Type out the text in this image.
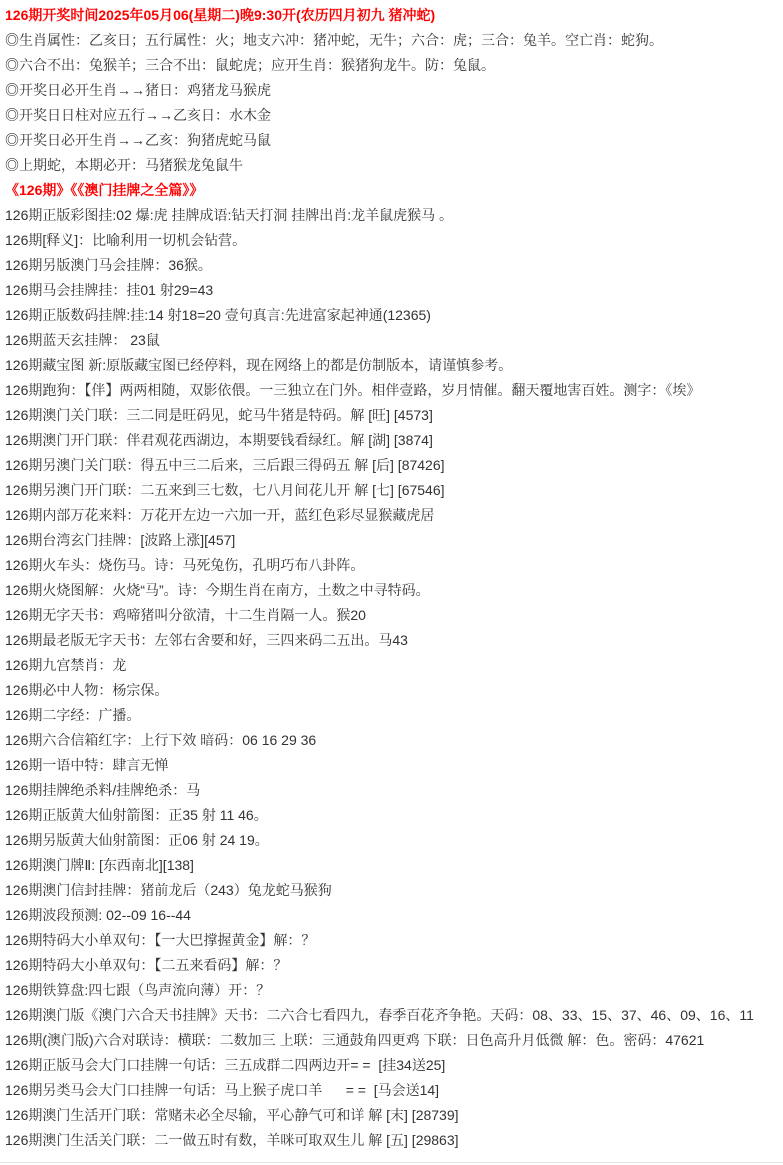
126期开奖时间2025年05月06(星期二)晚9:30开(农历四月初九 猪冲蛇)

◎生肖属性：乙亥日；五行属性：火；地支六冲：猪冲蛇，无牛；六合：虎；三合：兔羊。空亡肖：蛇狗。

◎六合不出：兔猴羊；三合不出：鼠蛇虎；应开生肖：猴猪狗龙牛。防：兔鼠。

◎开奖日必开生肖→→猪日：鸡猪龙马猴虎

◎开奖日日柱对应五行→→乙亥日：水木金

◎开奖日必开生肖→→乙亥：狗猪虎蛇马鼠

◎上期蛇，本期必开：马猪猴龙兔鼠牛

《126期》《《澳门挂牌之全篇》》

126期正版彩图挂:02 爆:虎 挂牌成语:钻天打洞 挂牌出肖:龙羊鼠虎猴马 。

126期[释义]：比喻利用一切机会钻营。

126期另版澳门马会挂牌：36猴。

126期马会挂牌挂：挂01 射29=43

126期正版数码挂牌:挂:14 射18=20 壹句真言:先进富家起神通(12365)

126期蓝天玄挂牌： 23鼠

126期藏宝图 新:原版藏宝图已经停料，现在网络上的都是仿制版本，请谨慎参考。

126期跑狗：【伴】两两相随，双影依偎。一三独立在门外。相伴壹路，岁月情催。翻天覆地害百姓。测字：《埃》

126期澳门关门联：三二同是旺码见，蛇马牛猪是特码。解 [旺] [4573]

126期澳门开门联：伴君观花西湖边，本期要钱看绿红。解 [湖] [3874]

126期另澳门关门联：得五中三二后来，三后跟三得码五 解 [后] [87426]

126期另澳门开门联：二五来到三七数，七八月间花儿开 解 [七] [67546]

126期内部万花来料：万花开左边一六加一开，蓝红色彩尽显猴藏虎居

126期台湾玄门挂牌：[波路上涨][457]

126期火车头：烧伤马。诗：马死兔伤，孔明巧布八卦阵。

126期火烧图解：火烧“马”。诗：今期生肖在南方，土数之中寻特码。

126期无字天书：鸡啼猪叫分欲清，十二生肖隔一人。猴20

126期最老版无字天书：左邻右舍要和好，三四来码二五出。马43

126期九宫禁肖：龙

126期必中人物：杨宗保。

126期二字经：广播。

126期六合信箱红字：上行下效 暗码：06 16 29 36

126期一语中特：肆言无惮

126期挂牌绝杀料/挂牌绝杀：马

126期正版黄大仙射箭图：正35 射 11 46。

126期另版黄大仙射箭图：正06 射 24 19。

126期澳门牌Ⅱ: [东西南北][138]

126期澳门信封挂牌：猪前龙后（243）兔龙蛇马猴狗

126期波段预测: 02--09 16--44

126期特码大小单双句：【一大巴撑握黄金】解：？

126期特码大小单双句：【二五来看码】解：？

126期铁算盘:四七跟（鸟声流向薄）开：？

126期澳门版《澳门六合天书挂牌》天书：二六合七看四九，春季百花齐争艳。天码：08、33、15、37、46、09、16、11

126期(澳门版)六合对联诗：横联：二数加三 上联：三通鼓角四更鸡 下联：日色高升月低微 解：色。密码：47621

126期正版马会大门口挂牌一句话：三五成群二四两边开= =  [挂34送25]

126期另类马会大门口挂牌一句话：马上猴子虎口羊      = =  [马会送14]

126期澳门生活开门联：常赌未必全尽输，平心静气可和详 解 [末] [28739]

126期澳门生活关门联：二一做五时有数，羊咪可取双生儿 解 [五] [29863]
